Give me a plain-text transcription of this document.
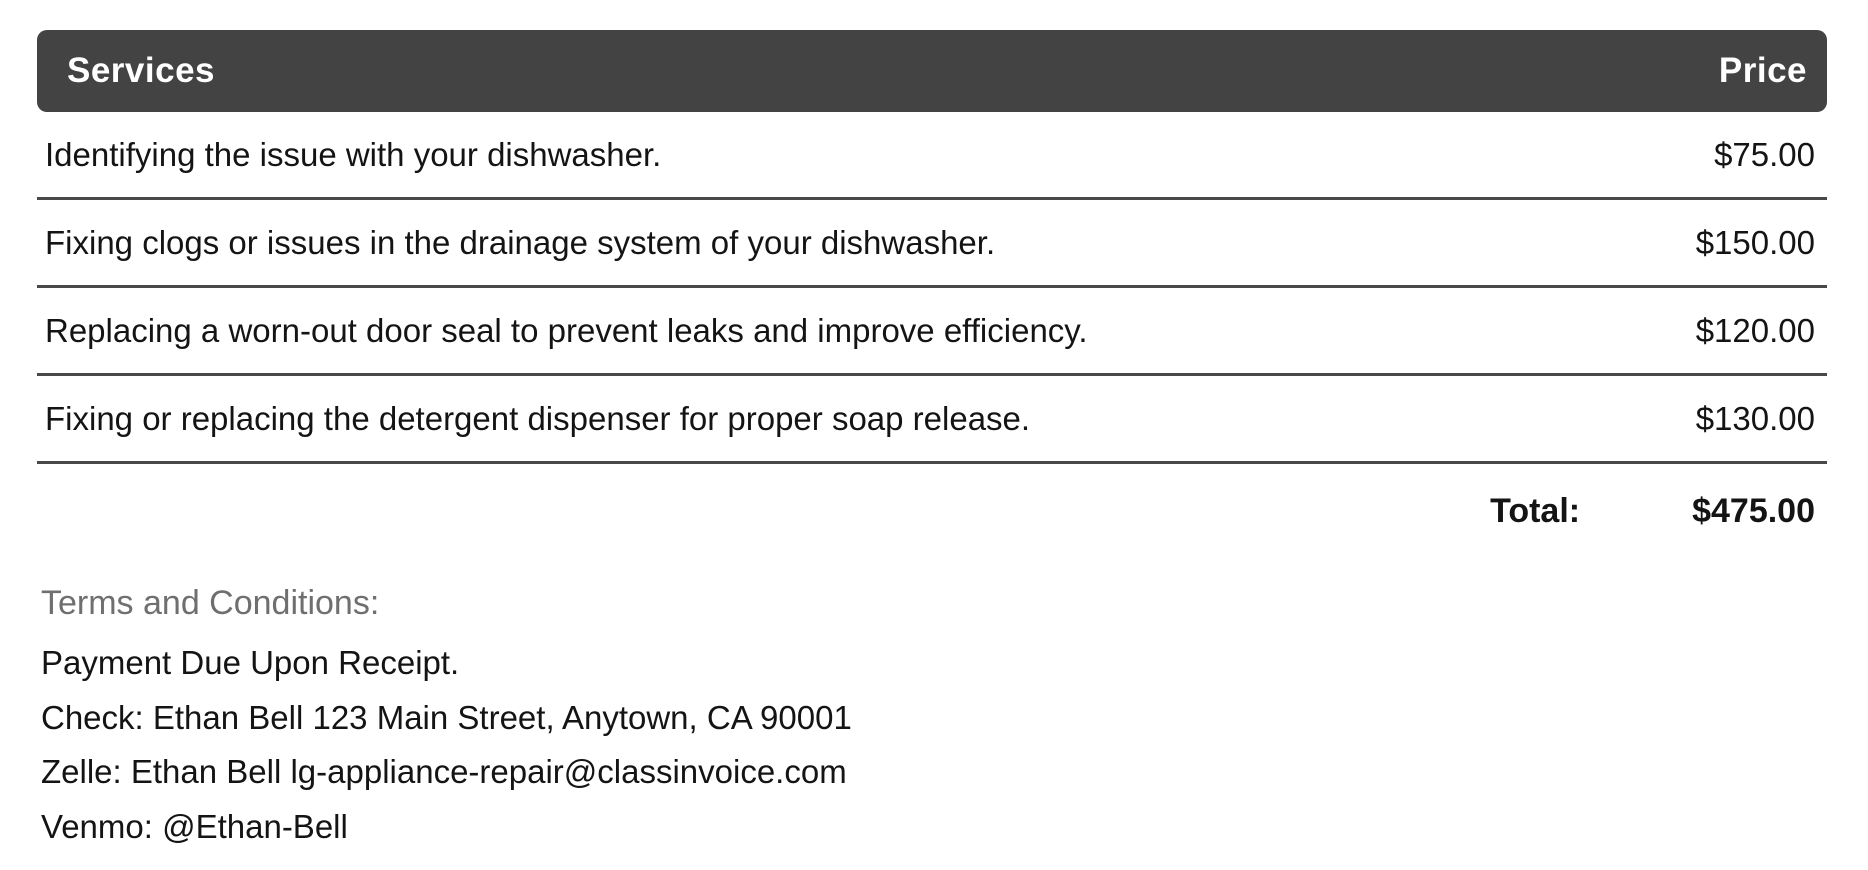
Services	Price
Identifying the issue with your dishwasher.	$75.00
Fixing clogs or issues in the drainage system of your dishwasher.	$150.00
Replacing a worn-out door seal to prevent leaks and improve efficiency.	$120.00
Fixing or replacing the detergent dispenser for proper soap release.	$130.00
Total:	$475.00
Terms and Conditions:
Payment Due Upon Receipt.
Check: Ethan Bell 123 Main Street, Anytown, CA 90001
Zelle: Ethan Bell lg-appliance-repair@classinvoice.com
Venmo: @Ethan-Bell
